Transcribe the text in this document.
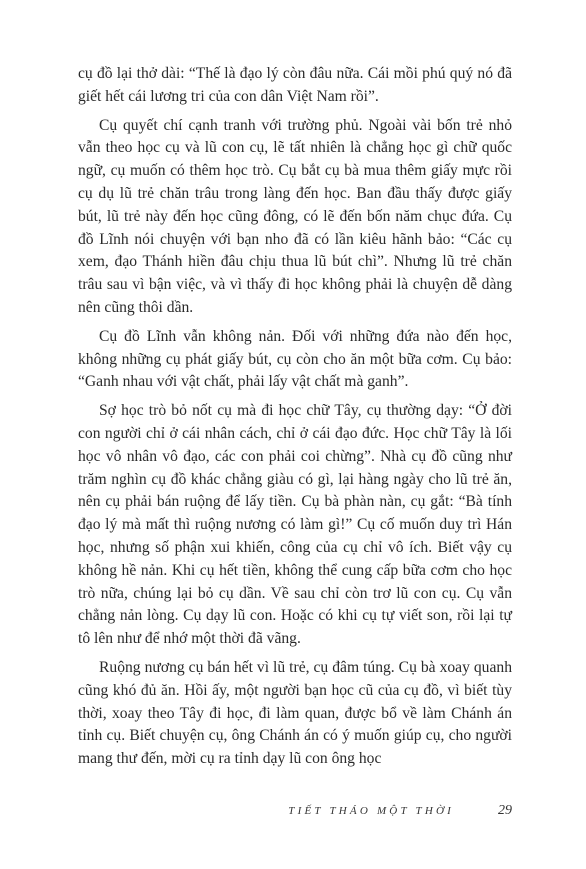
cụ đồ lại thở dài: “Thế là đạo lý còn đâu nữa. Cái mồi phú quý nó đã giết hết cái lương tri của con dân Việt Nam rồi”.

Cụ quyết chí cạnh tranh với trường phủ. Ngoài vài bốn trẻ nhỏ vẫn theo học cụ và lũ con cụ, lẽ tất nhiên là chẳng học gì chữ quốc ngữ, cụ muốn có thêm học trò. Cụ bắt cụ bà mua thêm giấy mực rồi cụ dụ lũ trẻ chăn trâu trong làng đến học. Ban đầu thấy được giấy bút, lũ trẻ này đến học cũng đông, có lẽ đến bốn năm chục đứa. Cụ đồ Lĩnh nói chuyện với bạn nho đã có lần kiêu hãnh bảo: “Các cụ xem, đạo Thánh hiền đâu chịu thua lũ bút chì”. Nhưng lũ trẻ chăn trâu sau vì bận việc, và vì thấy đi học không phải là chuyện dễ dàng nên cũng thôi dần.

Cụ đồ Lĩnh vẫn không nản. Đối với những đứa nào đến học, không những cụ phát giấy bút, cụ còn cho ăn một bữa cơm. Cụ bảo: “Ganh nhau với vật chất, phải lấy vật chất mà ganh”.

Sợ học trò bỏ nốt cụ mà đi học chữ Tây, cụ thường dạy: “Ở đời con người chỉ ở cái nhân cách, chỉ ở cái đạo đức. Học chữ Tây là lối học vô nhân vô đạo, các con phải coi chừng”. Nhà cụ đồ cũng như trăm nghìn cụ đồ khác chẳng giàu có gì, lại hàng ngày cho lũ trẻ ăn, nên cụ phải bán ruộng để lấy tiền. Cụ bà phàn nàn, cụ gắt: “Bà tính đạo lý mà mất thì ruộng nương có làm gì!” Cụ cố muốn duy trì Hán học, nhưng số phận xui khiến, công của cụ chỉ vô ích. Biết vậy cụ không hề nản. Khi cụ hết tiền, không thể cung cấp bữa cơm cho học trò nữa, chúng lại bỏ cụ dần. Về sau chỉ còn trơ lũ con cụ. Cụ vẫn chẳng nản lòng. Cụ dạy lũ con. Hoặc có khi cụ tự viết son, rồi lại tự tô lên như để nhớ một thời đã vãng.

Ruộng nương cụ bán hết vì lũ trẻ, cụ đâm túng. Cụ bà xoay quanh cũng khó đủ ăn. Hồi ấy, một người bạn học cũ của cụ đồ, vì biết tùy thời, xoay theo Tây đi học, đi làm quan, được bổ về làm Chánh án tỉnh cụ. Biết chuyện cụ, ông Chánh án có ý muốn giúp cụ, cho người mang thư đến, mời cụ ra tỉnh dạy lũ con ông học

TIẾT THÁO MỘT THỜI	29
